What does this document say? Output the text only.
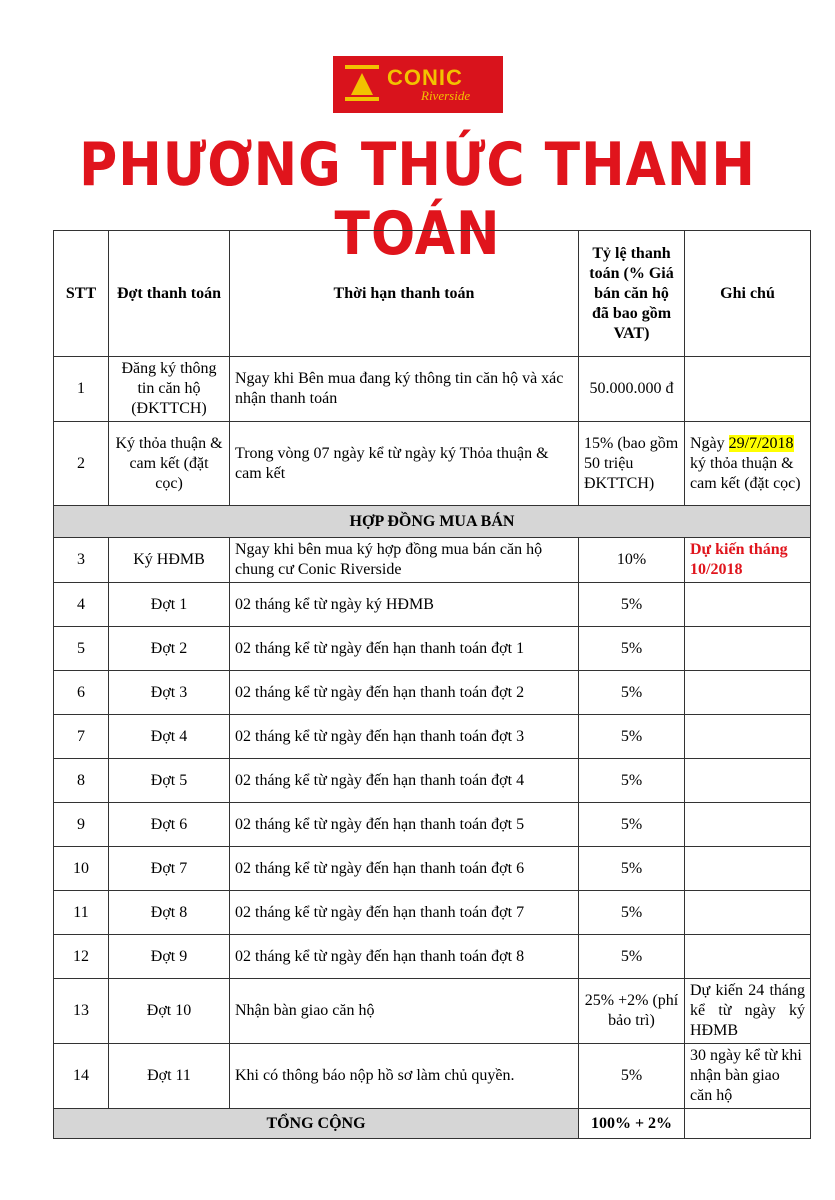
CONIC
Riverside
PHƯƠNG THỨC THANH TOÁN
STT	Đợt thanh toán	Thời hạn thanh toán	Tỷ lệ thanh toán (% Giá bán căn hộ đã bao gồm VAT)	Ghi chú
1	Đăng ký thông tin căn hộ (ĐKTTCH)	Ngay khi Bên mua đang ký thông tin căn hộ và xác nhận thanh toán	50.000.000 đ	
2	Ký thỏa thuận & cam kết (đặt cọc)	Trong vòng 07 ngày kể từ ngày ký Thỏa thuận & cam kết	15% (bao gồm 50 triệu ĐKTTCH)	Ngày 29/7/2018 ký thỏa thuận & cam kết (đặt cọc)
HỢP ĐỒNG MUA BÁN				
3	Ký HĐMB	Ngay khi bên mua ký hợp đồng mua bán căn hộ chung cư Conic Riverside	10%	Dự kiến tháng 10/2018
4	Đợt 1	02 tháng kể từ ngày ký HĐMB	5%	
5	Đợt 2	02 tháng kể từ ngày đến hạn thanh toán đợt 1	5%	
6	Đợt 3	02 tháng kể từ ngày đến hạn thanh toán đợt 2	5%	
7	Đợt 4	02 tháng kể từ ngày đến hạn thanh toán đợt 3	5%	
8	Đợt 5	02 tháng kể từ ngày đến hạn thanh toán đợt 4	5%	
9	Đợt 6	02 tháng kể từ ngày đến hạn thanh toán đợt 5	5%	
10	Đợt 7	02 tháng kể từ ngày đến hạn thanh toán đợt 6	5%	
11	Đợt 8	02 tháng kể từ ngày đến hạn thanh toán đợt 7	5%	
12	Đợt 9	02 tháng kể từ ngày đến hạn thanh toán đợt 8	5%	
13	Đợt 10	Nhận bàn giao căn hộ	25% +2% (phí bảo trì)	Dự kiến 24 tháng kể từ ngày ký HĐMB
14	Đợt 11	Khi có thông báo nộp hồ sơ làm chủ quyền.	5%	30 ngày kể từ khi nhận bàn giao căn hộ
TỔNG CỘNG			100% + 2%	
